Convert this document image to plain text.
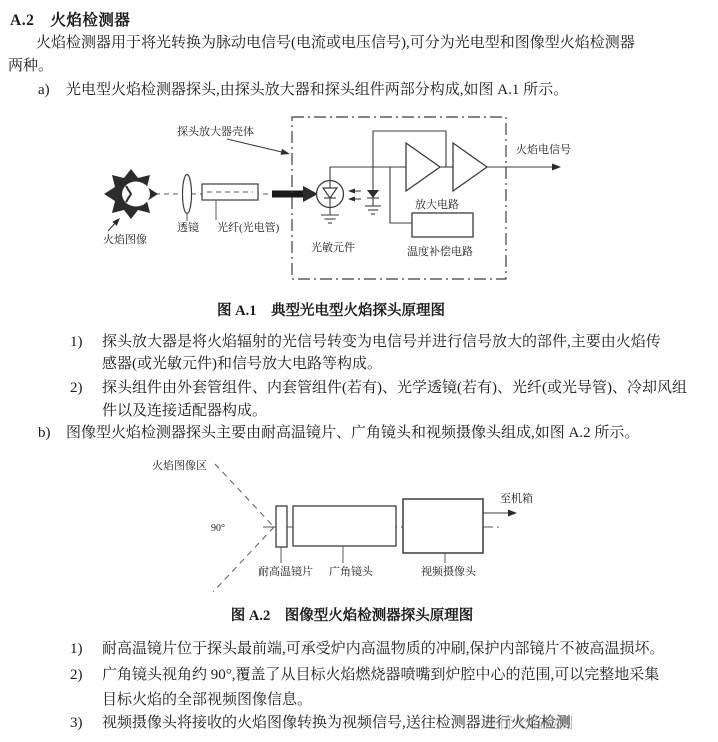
A.2　火焰检测器
火焰检测器用于将光转换为脉动电信号(电流或电压信号),可分为光电型和图像型火焰检测器
两种。
a) 光电型火焰检测器探头,由探头放大器和探头组件两部分构成,如图 A.1 所示。
火焰图像
透镜 光纤(光电管)
探头放大器壳体
光敏元件
放大电路
温度补偿电路
火焰电信号
图 A.1　典型光电型火焰探头原理图
1) 探头放大器是将火焰辐射的光信号转变为电信号并进行信号放大的部件,主要由火焰传
感器(或光敏元件)和信号放大电路等构成。
2) 探头组件由外套管组件、内套管组件(若有)、光学透镜(若有)、光纤(或光导管)、冷却风组
件以及连接适配器构成。
b) 图像型火焰检测器探头主要由耐高温镜片、广角镜头和视频摄像头组成,如图 A.2 所示。
火焰图像区
90°
耐高温镜片 广角镜头	视频摄像头
至机箱
图 A.2　图像型火焰检测器探头原理图
1) 耐高温镜片位于探头最前端,可承受炉内高温物质的冲刷,保护内部镜片不被高温损坏。
2) 广角镜头视角约 90°,覆盖了从目标火焰燃烧器喷嘴到炉腔中心的范围,可以完整地采集
目标火焰的全部视频图像信息。
3) 视频摄像头将接收的火焰图像转换为视频信号,送往检测器进行火焰检测
